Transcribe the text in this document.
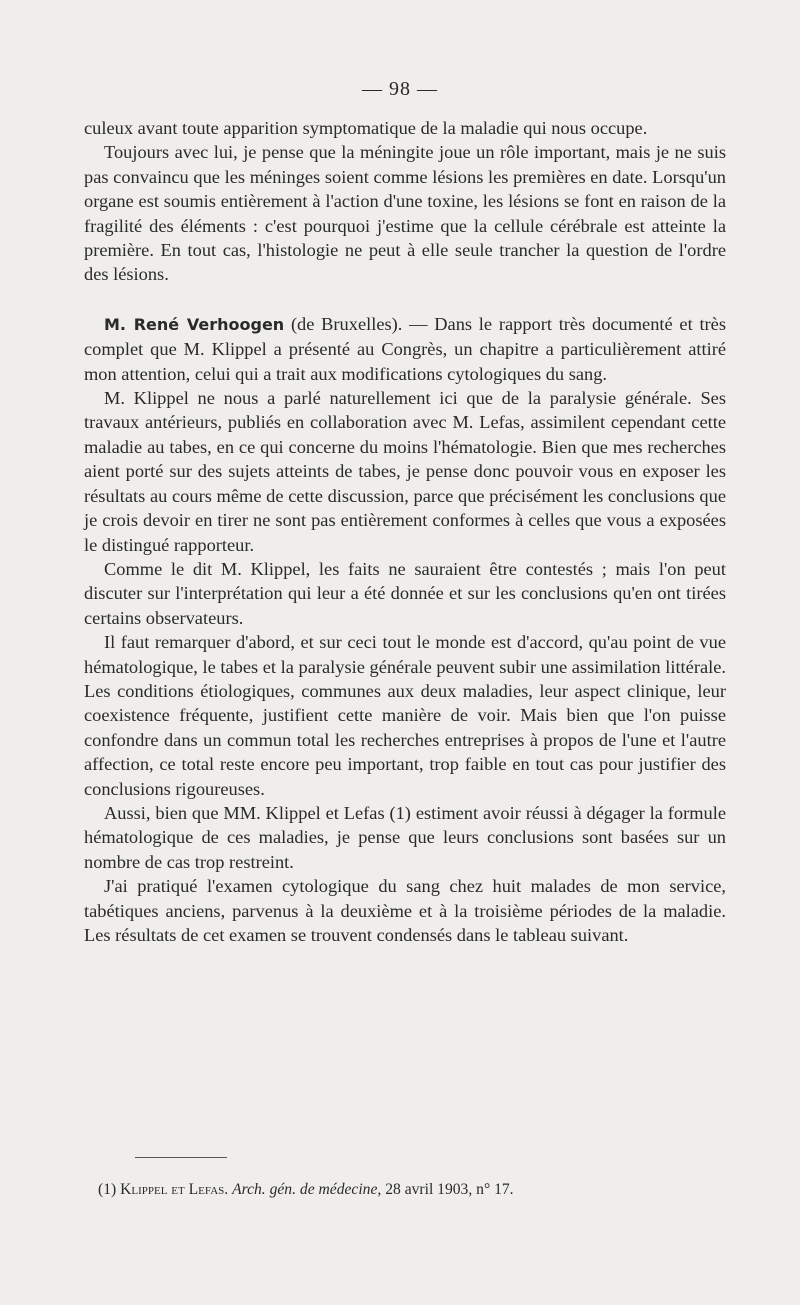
— 98 —

culeux avant toute apparition symptomatique de la maladie qui nous occupe.

Toujours avec lui, je pense que la méningite joue un rôle important, mais je ne suis pas convaincu que les méninges soient comme lésions les premières en date. Lorsqu'un organe est soumis entièrement à l'action d'une toxine, les lésions se font en raison de la fragilité des éléments : c'est pourquoi j'estime que la cellule cérébrale est atteinte la première. En tout cas, l'histologie ne peut à elle seule trancher la question de l'ordre des lésions.

M. René Verhoogen (de Bruxelles). — Dans le rapport très documenté et très complet que M. Klippel a présenté au Congrès, un chapitre a particulièrement attiré mon attention, celui qui a trait aux modifications cytologiques du sang.

M. Klippel ne nous a parlé naturellement ici que de la paralysie générale. Ses travaux antérieurs, publiés en collaboration avec M. Lefas, assimilent cependant cette maladie au tabes, en ce qui concerne du moins l'hématologie. Bien que mes recherches aient porté sur des sujets atteints de tabes, je pense donc pouvoir vous en exposer les résultats au cours même de cette discussion, parce que précisément les conclusions que je crois devoir en tirer ne sont pas entièrement conformes à celles que vous a exposées le distingué rapporteur.

Comme le dit M. Klippel, les faits ne sauraient être contestés ; mais l'on peut discuter sur l'interprétation qui leur a été donnée et sur les conclusions qu'en ont tirées certains observateurs.

Il faut remarquer d'abord, et sur ceci tout le monde est d'accord, qu'au point de vue hématologique, le tabes et la paralysie générale peuvent subir une assimilation littérale. Les conditions étiologiques, communes aux deux maladies, leur aspect clinique, leur coexistence fréquente, justifient cette manière de voir. Mais bien que l'on puisse confondre dans un commun total les recherches entreprises à propos de l'une et l'autre affection, ce total reste encore peu important, trop faible en tout cas pour justifier des conclusions rigoureuses.

Aussi, bien que MM. Klippel et Lefas (1) estiment avoir réussi à dégager la formule hématologique de ces maladies, je pense que leurs conclusions sont basées sur un nombre de cas trop restreint.

J'ai pratiqué l'examen cytologique du sang chez huit malades de mon service, tabétiques anciens, parvenus à la deuxième et à la troisième périodes de la maladie. Les résultats de cet examen se trouvent condensés dans le tableau suivant.

(1) Klippel et Lefas. Arch. gén. de médecine, 28 avril 1903, n° 17.
